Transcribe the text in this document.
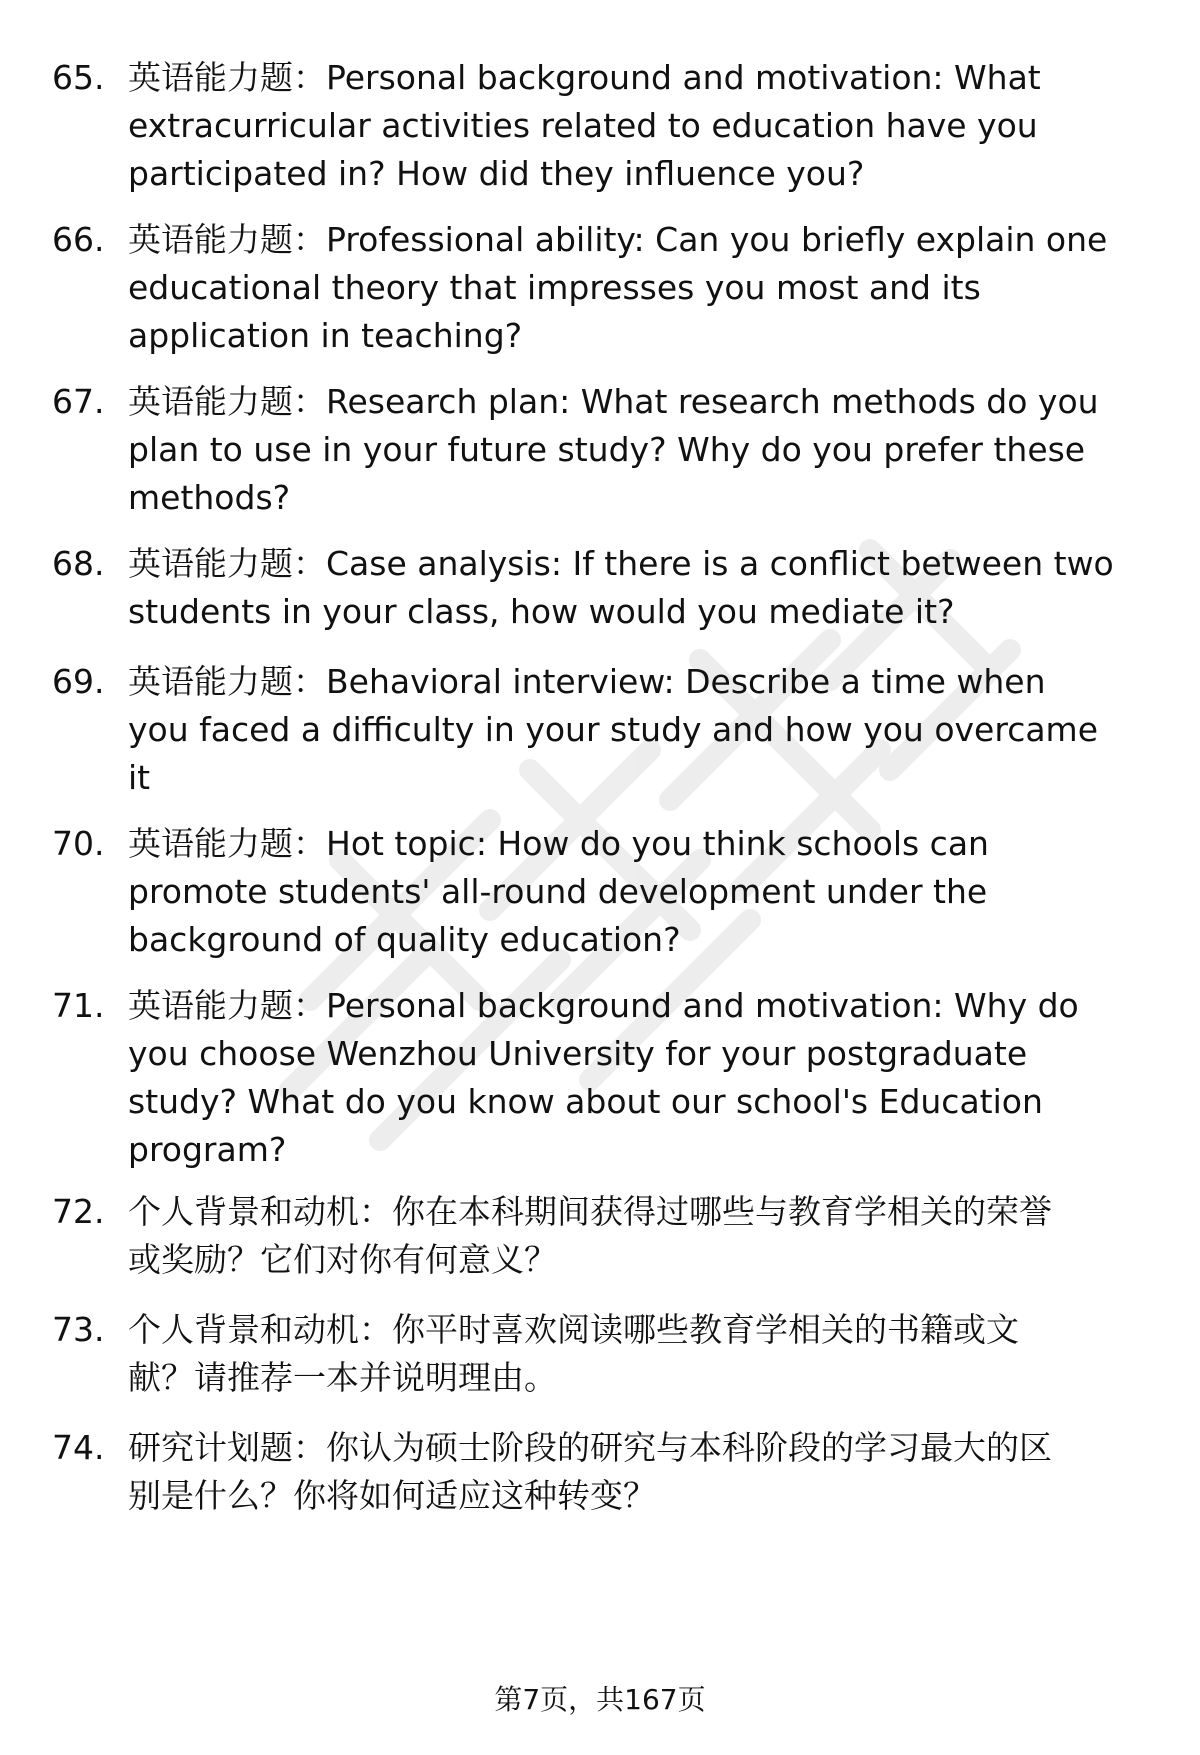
65. 英语能力题：Personal background and motivation: What
extracurricular activities related to education have you
participated in? How did they influence you?
66. 英语能力题：Professional ability: Can you briefly explain one
educational theory that impresses you most and its
application in teaching?
67. 英语能力题：Research plan: What research methods do you
plan to use in your future study? Why do you prefer these
methods?
68. 英语能力题：Case analysis: If there is a conflict between two
students in your class, how would you mediate it?
69. 英语能力题：Behavioral interview: Describe a time when
you faced a difficulty in your study and how you overcame
it
70. 英语能力题：Hot topic: How do you think schools can
promote students' all-round development under the
background of quality education?
71. 英语能力题：Personal background and motivation: Why do
you choose Wenzhou University for your postgraduate
study? What do you know about our school's Education
program?
72. 个人背景和动机：你在本科期间获得过哪些与教育学相关的荣誉
或奖励？它们对你有何意义？
73. 个人背景和动机：你平时喜欢阅读哪些教育学相关的书籍或文
献？请推荐一本并说明理由。
74. 研究计划题：你认为硕士阶段的研究与本科阶段的学习最大的区
别是什么？你将如何适应这种转变？
第7页，共167页
